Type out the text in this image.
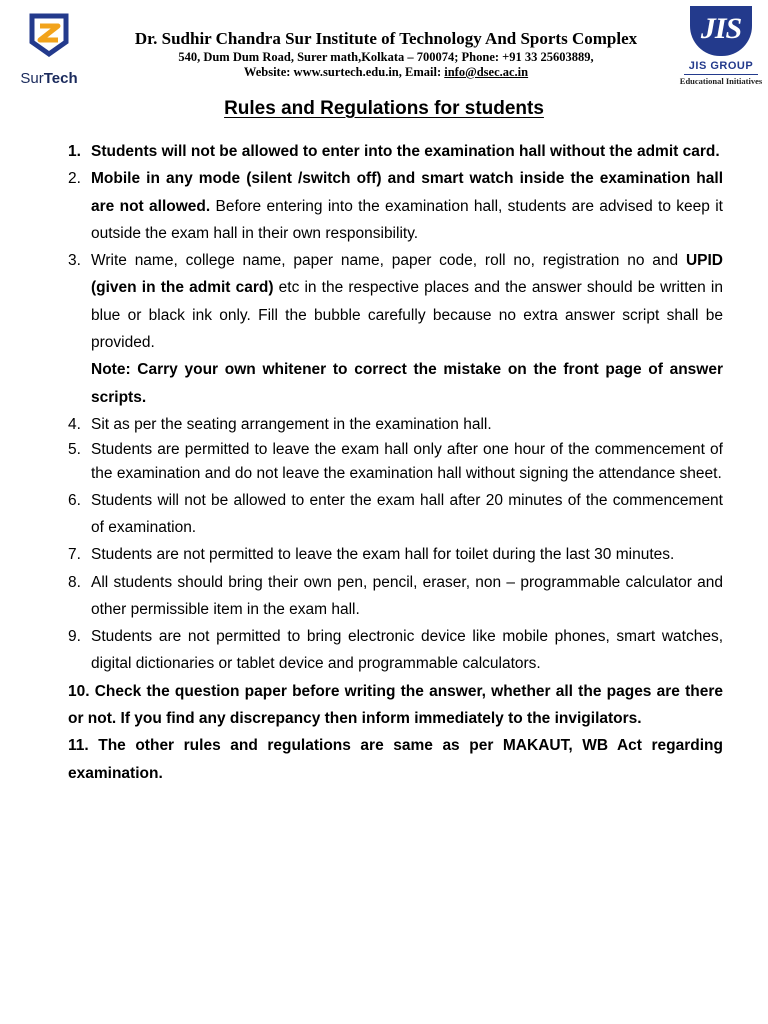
SurTech
Dr. Sudhir Chandra Sur Institute of Technology And Sports Complex
540, Dum Dum Road, Surer math,Kolkata – 700074; Phone: +91 33 25603889,
Website: www.surtech.edu.in, Email: info@dsec.ac.in
JIS
JIS GROUP
Educational Initiatives
Rules and Regulations for students
1. Students will not be allowed to enter into the examination hall without the admit card.
2. Mobile in any mode (silent /switch off) and smart watch inside the examination hall are not allowed. Before entering into the examination hall, students are advised to keep it outside the exam hall in their own responsibility.
3. Write name, college name, paper name, paper code, roll no, registration no and UPID (given in the admit card) etc in the respective places and the answer should be written in blue or black ink only. Fill the bubble carefully because no extra answer script shall be provided.
Note: Carry your own whitener to correct the mistake on the front page of answer scripts.
4. Sit as per the seating arrangement in the examination hall.
5. Students are permitted to leave the exam hall only after one hour of the commencement of the examination and do not leave the examination hall without signing the attendance sheet.
6. Students will not be allowed to enter the exam hall after 20 minutes of the commencement of examination.
7. Students are not permitted to leave the exam hall for toilet during the last 30 minutes.
8. All students should bring their own pen, pencil, eraser, non – programmable calculator and other permissible item in the exam hall.
9. Students are not permitted to bring electronic device like mobile phones, smart watches, digital dictionaries or tablet device and programmable calculators.
10. Check the question paper before writing the answer, whether all the pages are there or not. If you find any discrepancy then inform immediately to the invigilators.
11. The other rules and regulations are same as per MAKAUT, WB Act regarding examination.
